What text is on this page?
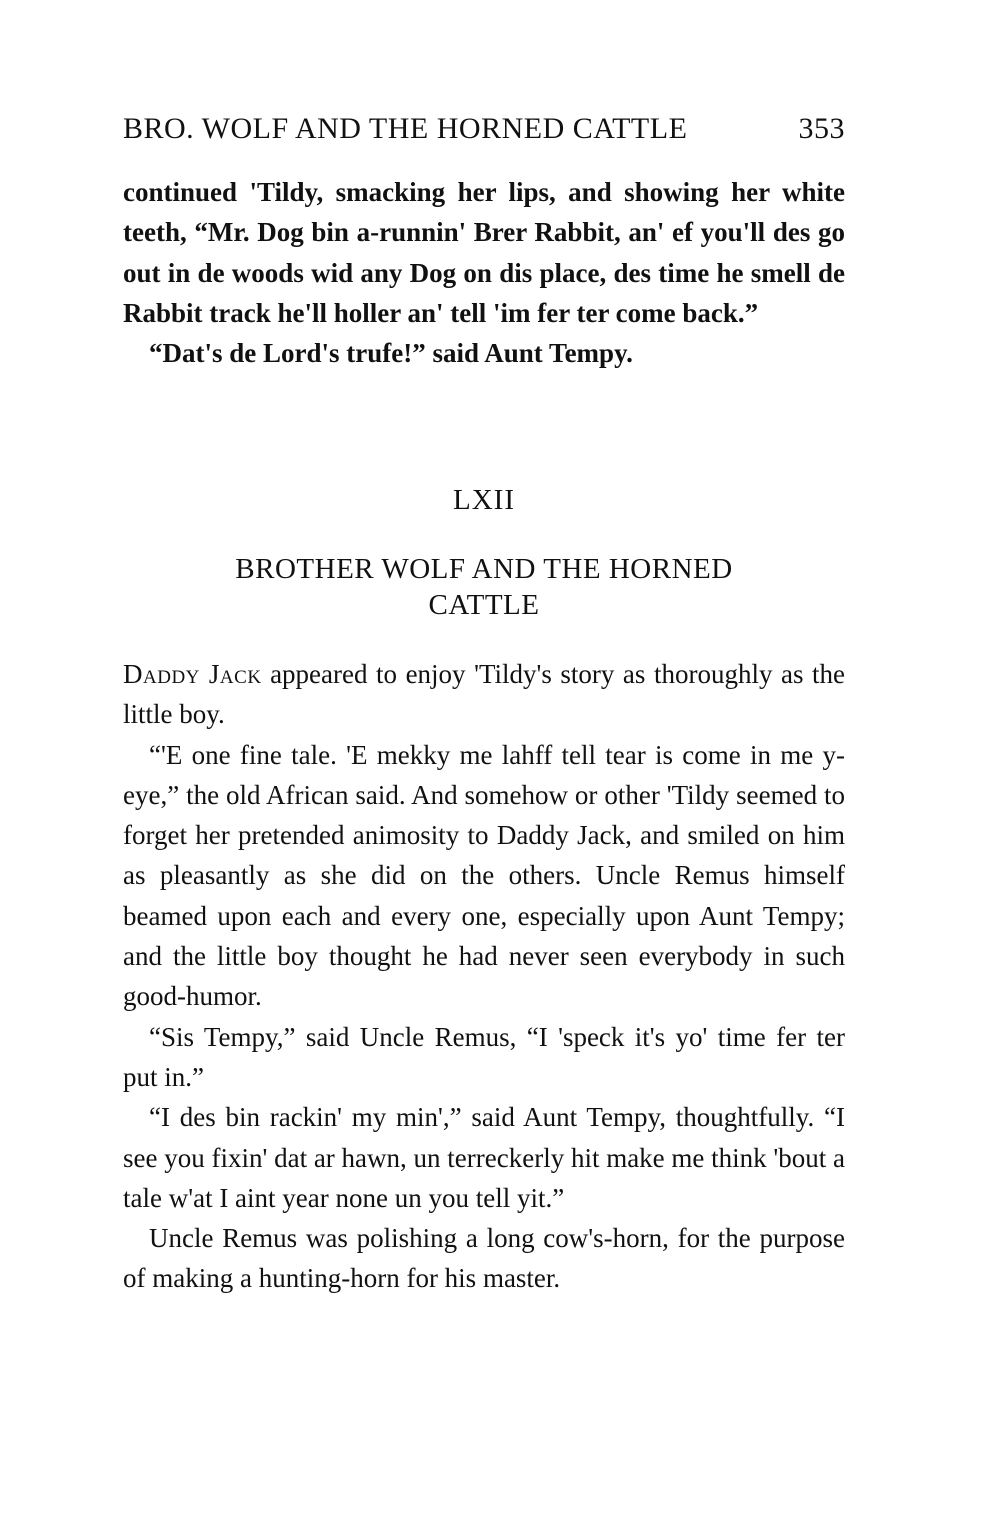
BRO. WOLF AND THE HORNED CATTLE	353

continued 'Tildy, smacking her lips, and showing her white teeth, “Mr. Dog bin a-runnin' Brer Rabbit, an' ef you'll des go out in de woods wid any Dog on dis place, des time he smell de Rabbit track he'll holler an' tell 'im fer ter come back.”

“Dat's de Lord's trufe!” said Aunt Tempy.

LXII
BROTHER WOLF AND THE HORNED
CATTLE

Daddy Jack appeared to enjoy 'Tildy's story as thoroughly as the little boy.

“'E one fine tale. 'E mekky me lahff tell tear is come in me y-eye,” the old African said. And somehow or other 'Tildy seemed to forget her pretended animosity to Daddy Jack, and smiled on him as pleasantly as she did on the others. Uncle Remus himself beamed upon each and every one, especially upon Aunt Tempy; and the little boy thought he had never seen everybody in such good-humor.

“Sis Tempy,” said Uncle Remus, “I 'speck it's yo' time fer ter put in.”

“I des bin rackin' my min',” said Aunt Tempy, thoughtfully. “I see you fixin' dat ar hawn, un terreckerly hit make me think 'bout a tale w'at I aint year none un you tell yit.”

Uncle Remus was polishing a long cow's-horn, for the purpose of making a hunting-horn for his master.
